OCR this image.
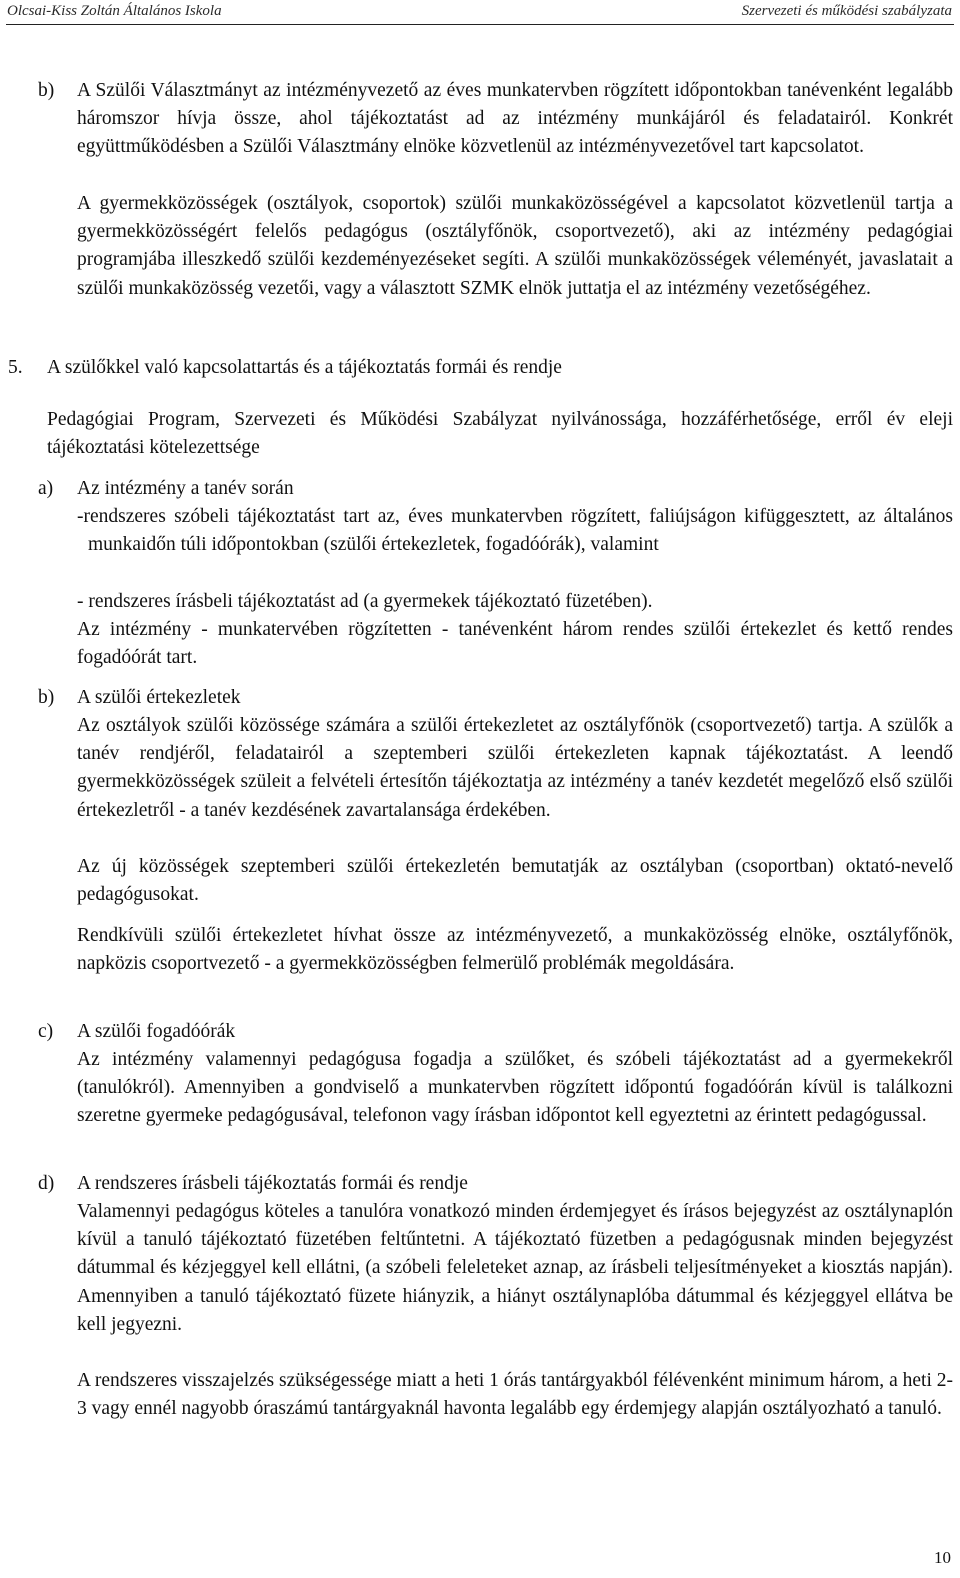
Olcsai-Kiss Zoltán Általános Iskola	Szervezeti és működési szabályzata
b) A Szülői Választmányt az intézményvezető az éves munkatervben rögzített időpontokban tanévenként legalább háromszor hívja össze, ahol tájékoztatást ad az intézmény munkájáról és feladatairól. Konkrét együttműködésben a Szülői Választmány elnöke közvetlenül az intézményvezetővel tart kapcsolatot.

A gyermekközösségek (osztályok, csoportok) szülői munkaközösségével a kapcsolatot közvetlenül tartja a gyermekközösségért felelős pedagógus (osztályfőnök, csoportvezető), aki az intézmény pedagógiai programjába illeszkedő szülői kezdeményezéseket segíti. A szülői munkaközösségek véleményét, javaslatait a szülői munkaközösség vezetői, vagy a választott SZMK elnök juttatja el az intézmény vezetőségéhez.

5. A szülőkkel való kapcsolattartás és a tájékoztatás formái és rendje

Pedagógiai Program, Szervezeti és Működési Szabályzat nyilvánossága, hozzáférhetősége, erről év eleji tájékoztatási kötelezettsége

a) Az intézmény a tanév során

-rendszeres szóbeli tájékoztatást tart az, éves munkatervben rögzített, faliújságon kifüggesztett, az általános munkaidőn túli időpontokban (szülői értekezletek, fogadóórák), valamint

- rendszeres írásbeli tájékoztatást ad (a gyermekek tájékoztató füzetében).

Az intézmény - munkatervében rögzítetten - tanévenként három rendes szülői értekezlet és kettő rendes fogadóórát tart.

b) A szülői értekezletek

Az osztályok szülői közössége számára a szülői értekezletet az osztályfőnök (csoportvezető) tartja. A szülők a tanév rendjéről, feladatairól a szeptemberi szülői értekezleten kapnak tájékoztatást. A leendő gyermekközösségek szüleit a felvételi értesítőn tájékoztatja az intézmény a tanév kezdetét megelőző első szülői értekezletről - a tanév kezdésének zavartalansága érdekében.

Az új közösségek szeptemberi szülői értekezletén bemutatják az osztályban (csoportban) oktató-nevelő pedagógusokat.

Rendkívüli szülői értekezletet hívhat össze az intézményvezető, a munkaközösség elnöke, osztályfőnök, napközis csoportvezető - a gyermekközösségben felmerülő problémák megoldására.

c) A szülői fogadóórák

Az intézmény valamennyi pedagógusa fogadja a szülőket, és szóbeli tájékoztatást ad a gyermekekről (tanulókról). Amennyiben a gondviselő a munkatervben rögzített időpontú fogadóórán kívül is találkozni szeretne gyermeke pedagógusával, telefonon vagy írásban időpontot kell egyeztetni az érintett pedagógussal.

d) A rendszeres írásbeli tájékoztatás formái és rendje

Valamennyi pedagógus köteles a tanulóra vonatkozó minden érdemjegyet és írásos bejegyzést az osztálynaplón kívül a tanuló tájékoztató füzetében feltűntetni. A tájékoztató füzetben a pedagógusnak minden bejegyzést dátummal és kézjeggyel kell ellátni, (a szóbeli feleleteket aznap, az írásbeli teljesítményeket a kiosztás napján). Amennyiben a tanuló tájékoztató füzete hiányzik, a hiányt osztálynaplóba dátummal és kézjeggyel ellátva be kell jegyezni.

A rendszeres visszajelzés szükségessége miatt a heti 1 órás tantárgyakból félévenként minimum három, a heti 2-3 vagy ennél nagyobb óraszámú tantárgyaknál havonta legalább egy érdemjegy alapján osztályozható a tanuló.

10
